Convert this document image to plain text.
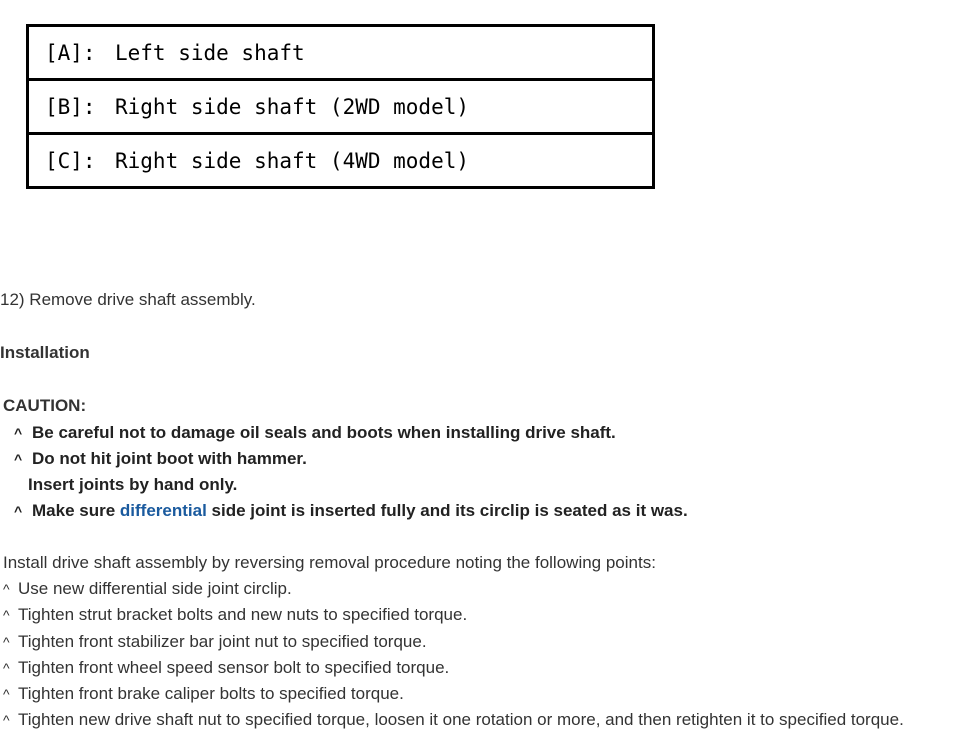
[A]: Left side shaft
[B]: Right side shaft (2WD model)
[C]: Right side shaft (4WD model)
12) Remove drive shaft assembly.
Installation
CAUTION:
^ Be careful not to damage oil seals and boots when installing drive shaft.
^ Do not hit joint boot with hammer.
Insert joints by hand only.
^ Make sure differential side joint is inserted fully and its circlip is seated as it was.
Install drive shaft assembly by reversing removal procedure noting the following points:
^ Use new differential side joint circlip.
^ Tighten strut bracket bolts and new nuts to specified torque.
^ Tighten front stabilizer bar joint nut to specified torque.
^ Tighten front wheel speed sensor bolt to specified torque.
^ Tighten front brake caliper bolts to specified torque.
^ Tighten new drive shaft nut to specified torque, loosen it one rotation or more, and then retighten it to specified torque.
